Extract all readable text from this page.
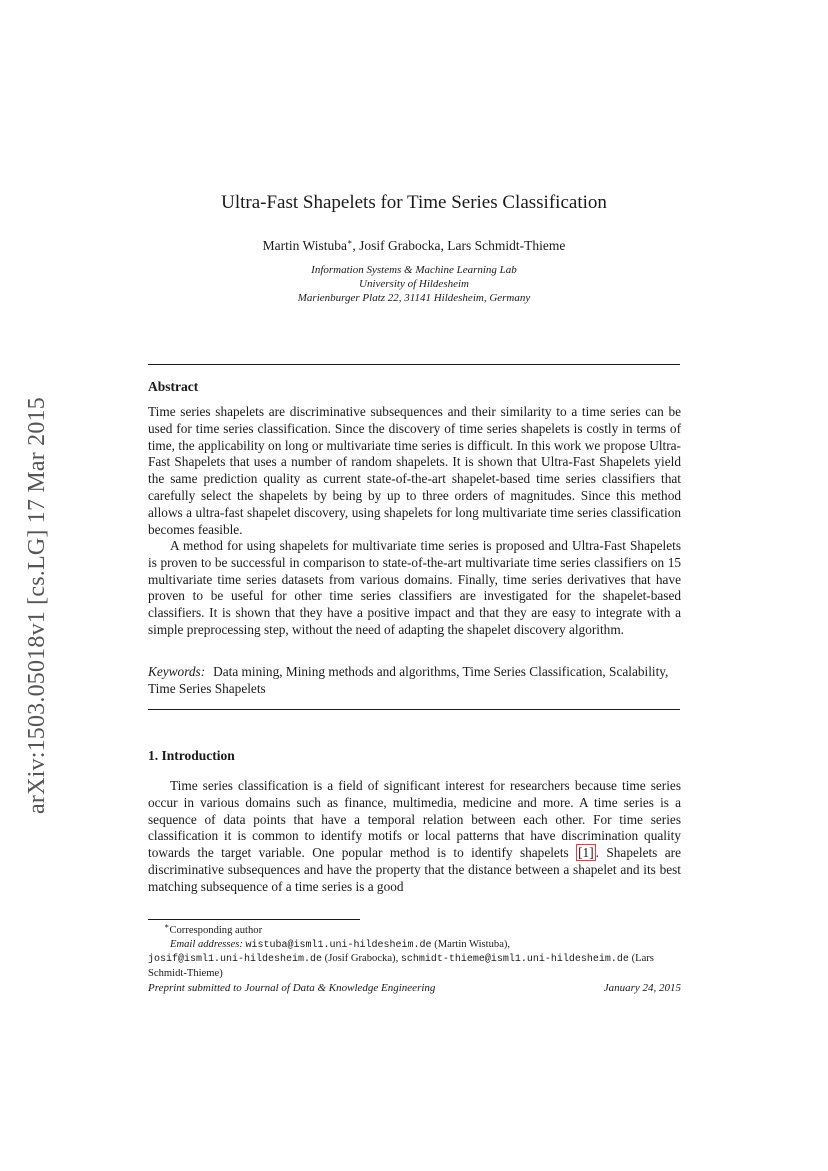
arXiv:1503.05018v1 [cs.LG] 17 Mar 2015
Ultra-Fast Shapelets for Time Series Classification
Martin Wistuba∗, Josif Grabocka, Lars Schmidt-Thieme
Information Systems & Machine Learning Lab
University of Hildesheim
Marienburger Platz 22, 31141 Hildesheim, Germany
Abstract

Time series shapelets are discriminative subsequences and their similarity to a time series can be used for time series classification. Since the discovery of time series shapelets is costly in terms of time, the applicability on long or multivariate time series is difficult. In this work we propose Ultra-Fast Shapelets that uses a number of random shapelets. It is shown that Ultra-Fast Shapelets yield the same prediction quality as current state-of-the-art shapelet-based time series classifiers that carefully select the shapelets by being by up to three orders of magnitudes. Since this method allows a ultra-fast shapelet discovery, using shapelets for long multivariate time series classification becomes feasible.

A method for using shapelets for multivariate time series is proposed and Ultra-Fast Shapelets is proven to be successful in comparison to state-of-the-art multivariate time series classifiers on 15 multivariate time series datasets from various domains. Finally, time series derivatives that have proven to be useful for other time series classifiers are investigated for the shapelet-based classifiers. It is shown that they have a positive impact and that they are easy to integrate with a simple preprocessing step, without the need of adapting the shapelet discovery algorithm.

Keywords: Data mining, Mining methods and algorithms, Time Series Classification, Scalability, Time Series Shapelets

1. Introduction

Time series classification is a field of significant interest for researchers because time series occur in various domains such as finance, multimedia, medicine and more. A time series is a sequence of data points that have a temporal relation between each other. For time series classification it is common to identify motifs or local patterns that have discrimination quality towards the target variable. One popular method is to identify shapelets [1] . Shapelets are discriminative subsequences and have the property that the distance between a shapelet and its best matching subsequence of a time series is a good

∗Corresponding author

Email addresses: wistuba@isml1.uni-hildesheim.de (Martin Wistuba),
josif@isml1.uni-hildesheim.de (Josif Grabocka), schmidt-thieme@isml1.uni-hildesheim.de (Lars Schmidt-Thieme)

Preprint submitted to Journal of Data & Knowledge Engineering	January 24, 2015
